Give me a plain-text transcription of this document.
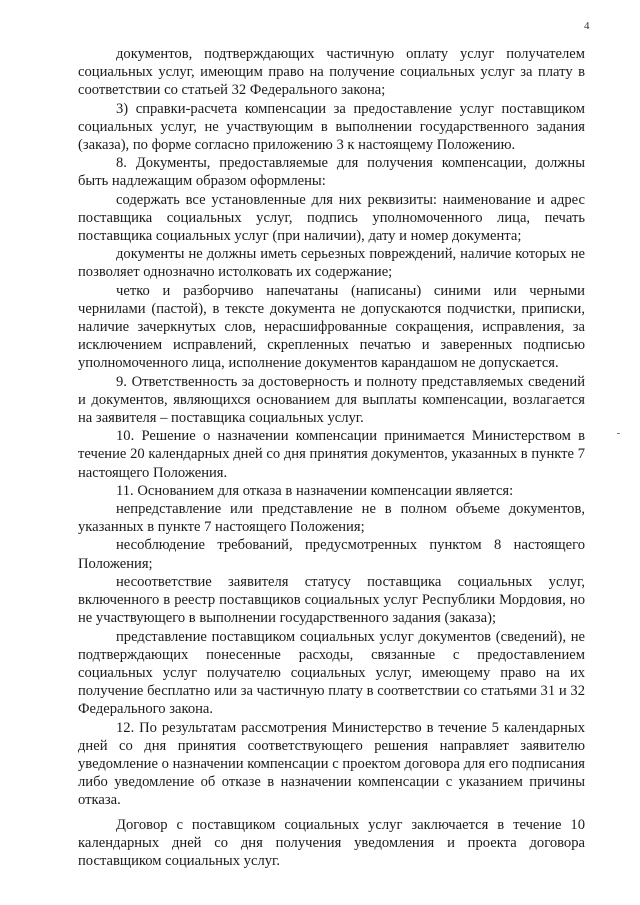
4

документов, подтверждающих частичную оплату услуг получателем социальных услуг, имеющим право на получение социальных услуг за плату в соответствии со статьей 32 Федерального закона;

3) справки-расчета компенсации за предоставление услуг поставщиком социальных услуг, не участвующим в выполнении государственного задания (заказа), по форме согласно приложению 3 к настоящему Положению.

8. Документы, предоставляемые для получения компенсации, должны быть надлежащим образом оформлены:

содержать все установленные для них реквизиты: наименование и адрес поставщика социальных услуг, подпись уполномоченного лица, печать поставщика социальных услуг (при наличии), дату и номер документа;

документы не должны иметь серьезных повреждений, наличие которых не позволяет однозначно истолковать их содержание;

четко и разборчиво напечатаны (написаны) синими или черными чернилами (пастой), в тексте документа не допускаются подчистки, приписки, наличие зачеркнутых слов, нерасшифрованные сокращения, исправления, за исключением исправлений, скрепленных печатью и заверенных подписью уполномоченного лица, исполнение документов карандашом не допускается.

9. Ответственность за достоверность и полноту представляемых сведений и документов, являющихся основанием для выплаты компенсации, возлагается на заявителя – поставщика социальных услуг.

10. Решение о назначении компенсации принимается Министерством в течение 20 календарных дней со дня принятия документов, указанных в пункте 7 настоящего Положения.

11. Основанием для отказа в назначении компенсации является:

непредставление или представление не в полном объеме документов, указанных в пункте 7 настоящего Положения;

несоблюдение требований, предусмотренных пунктом 8 настоящего Положения;

несоответствие заявителя статусу поставщика социальных услуг, включенного в реестр поставщиков социальных услуг Республики Мордовия, но не участвующего в выполнении государственного задания (заказа);

представление поставщиком социальных услуг документов (сведений), не подтверждающих понесенные расходы, связанные с предоставлением социальных услуг получателю социальных услуг, имеющему право на их получение бесплатно или за частичную плату в соответствии со статьями 31 и 32 Федерального закона.

12. По результатам рассмотрения Министерство в течение 5 календарных дней со дня принятия соответствующего решения направляет заявителю уведомление о назначении компенсации с проектом договора для его подписания либо уведомление об отказе в назначении компенсации с указанием причины отказа.

Договор с поставщиком социальных услуг заключается в течение 10 календарных дней со дня получения уведомления и проекта договора поставщиком социальных услуг.
